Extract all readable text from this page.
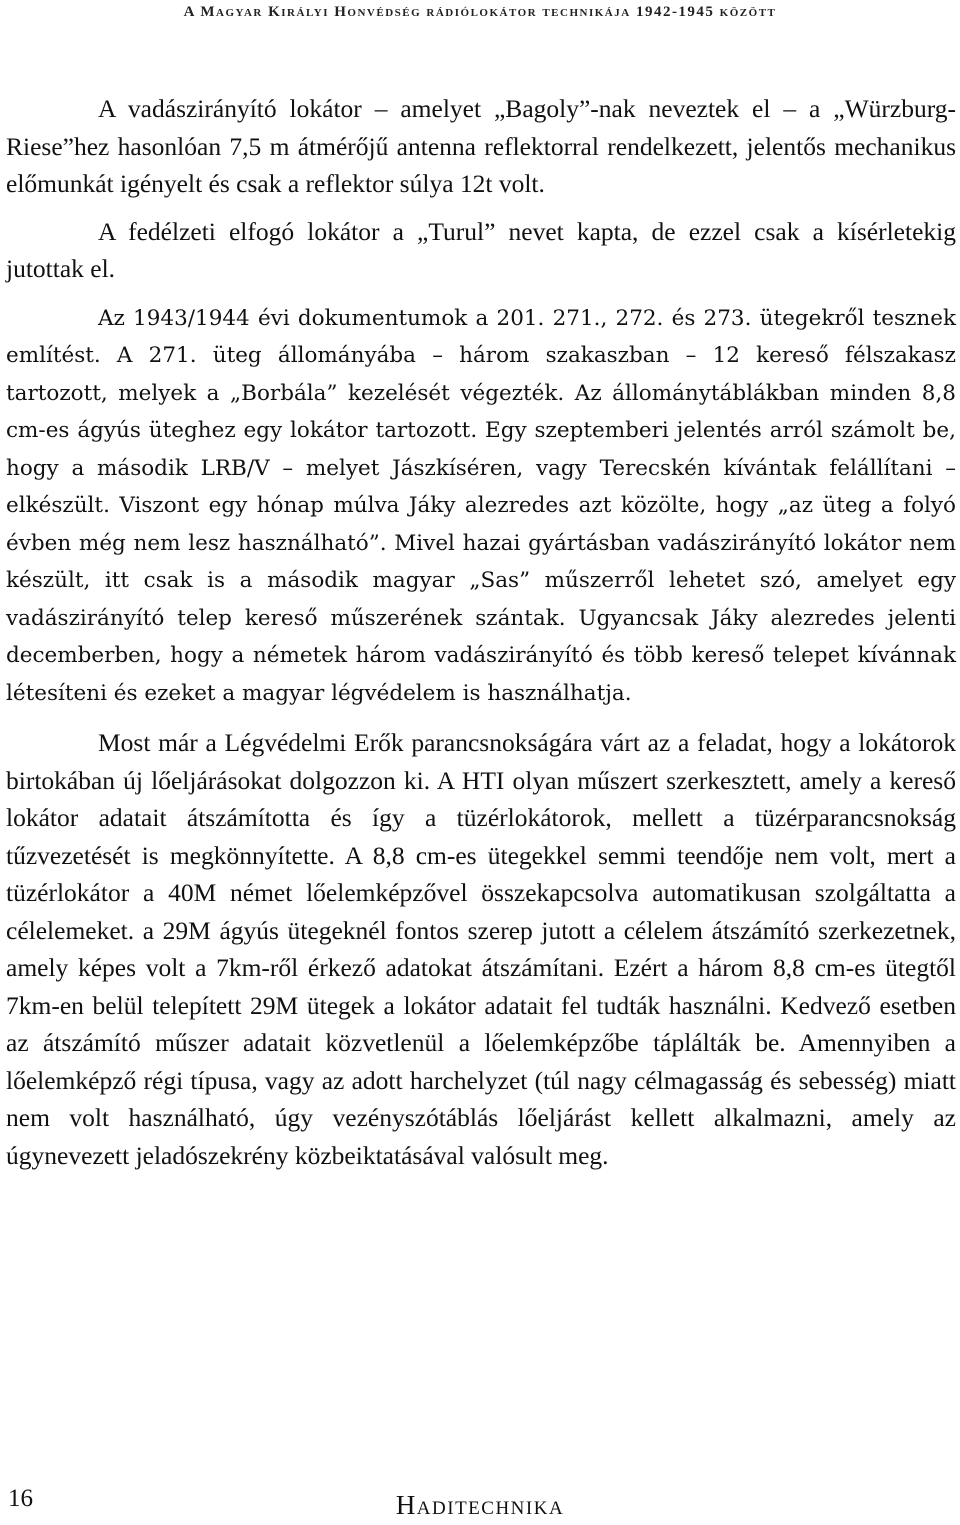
A Magyar Királyi Honvédség rádiólokátor technikája 1942-1945 között

A vadászirányító lokátor – amelyet „Bagoly”-nak neveztek el – a „Würzburg-Riese”hez hasonlóan 7,5 m átmérőjű antenna reflektorral rendelkezett, jelentős mechanikus előmunkát igényelt és csak a reflektor súlya 12t volt.

A fedélzeti elfogó lokátor a „Turul” nevet kapta, de ezzel csak a kísérletekig jutottak el.

Az 1943/1944 évi dokumentumok a 201. 271., 272. és 273. ütegekről tesznek említést. A 271. üteg állományába – három szakaszban – 12 kereső félszakasz tartozott, melyek a „Borbála” kezelését végezték. Az állománytáblákban minden 8,8 cm-es ágyús üteghez egy lokátor tartozott. Egy szeptemberi jelentés arról számolt be, hogy a második LRB/V – melyet Jászkíséren, vagy Terecskén kívántak felállítani – elkészült. Viszont egy hónap múlva Jáky alezredes azt közölte, hogy „az üteg a folyó évben még nem lesz használható”. Mivel hazai gyártásban vadászirányító lokátor nem készült, itt csak is a második magyar „Sas” műszerről lehetet szó, amelyet egy vadászirányító telep kereső műszerének szántak. Ugyancsak Jáky alezredes jelenti decemberben, hogy a németek három vadászirányító és több kereső telepet kívánnak létesíteni és ezeket a magyar légvédelem is használhatja.

Most már a Légvédelmi Erők parancsnokságára várt az a feladat, hogy a lokátorok birtokában új lőeljárásokat dolgozzon ki. A HTI olyan műszert szerkesztett, amely a kereső lokátor adatait átszámította és így a tüzérlokátorok, mellett a tüzérparancsnokság tűzvezetését is megkönnyítette. A 8,8 cm-es ütegekkel semmi teendője nem volt, mert a tüzérlokátor a 40M német lőelemképzővel összekapcsolva automatikusan szolgáltatta a célelemeket. a 29M ágyús ütegeknél fontos szerep jutott a célelem átszámító szerkezetnek, amely képes volt a 7km-ről érkező adatokat átszámítani. Ezért a három 8,8 cm-es ütegtől 7km-en belül telepített 29M ütegek a lokátor adatait fel tudták használni. Kedvező esetben az átszámító műszer adatait közvetlenül a lőelemképzőbe táplálták be. Amennyiben a lőelemképző régi típusa, vagy az adott harchelyzet (túl nagy célmagasság és sebesség) miatt nem volt használható, úgy vezényszótáblás lőeljárást kellett alkalmazni, amely az úgynevezett jeladószekrény közbeiktatásával valósult meg.

16	Haditechnika
